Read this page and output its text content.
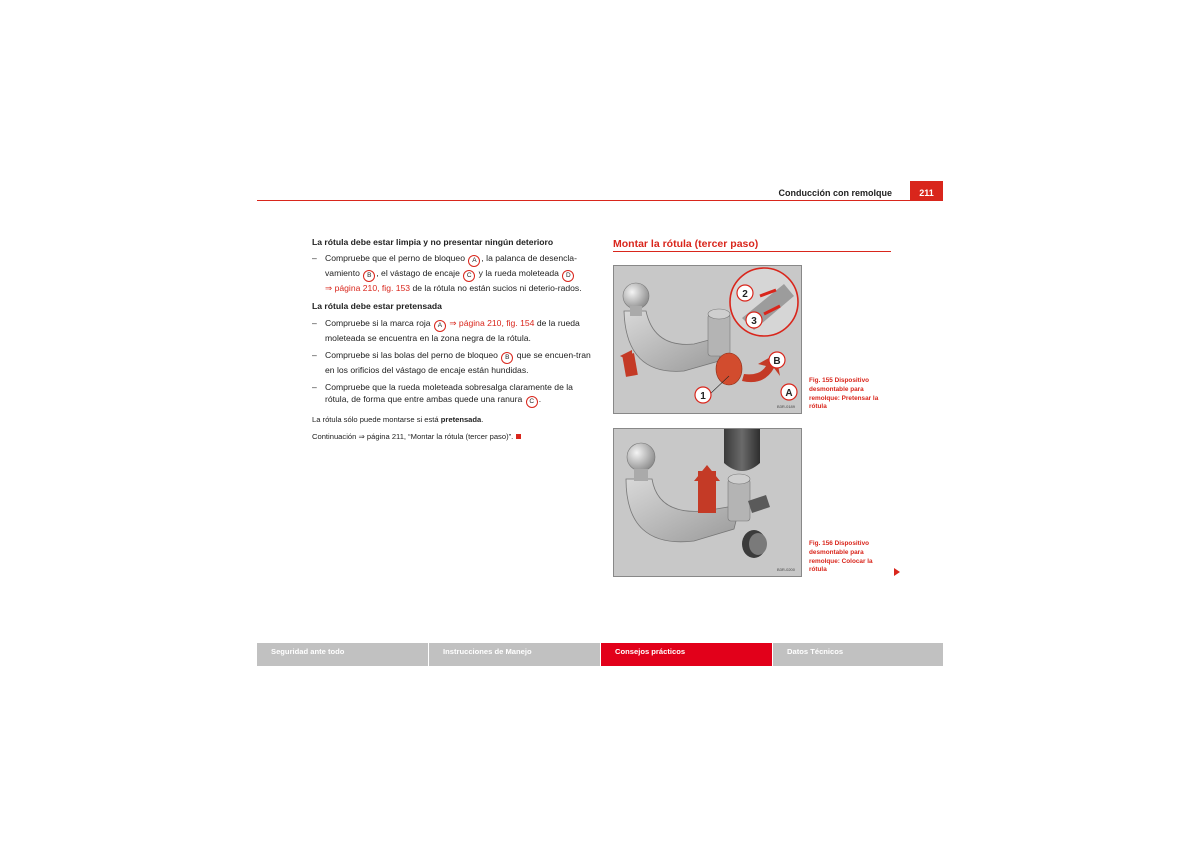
Conducción con remolque	211
La rótula debe estar limpia y no presentar ningún deterioro
– Compruebe que el perno de bloqueo A , la palanca de desencla-vamiento B , el vástago de encaje C y la rueda moleteada D
⇒ página 210, fig. 153 de la rótula no están sucios ni deterio-rados.
La rótula debe estar pretensada
– Compruebe si la marca roja A ⇒ página 210, fig. 154 de la rueda moleteada se encuentra en la zona negra de la rótula.
– Compruebe si las bolas del perno de bloqueo B que se encuen-tran en los orificios del vástago de encaje están hundidas.
– Compruebe que la rueda moleteada sobresalga claramente de la rótula, de forma que entre ambas quede una ranura C .

La rótula sólo puede montarse si está pretensada.

Continuación ⇒ página 211, “Montar la rótula (tercer paso)”.

Montar la rótula (tercer paso)
2
3
B
A
1
B3R-0189
Fig. 155 Dispositivo desmontable para remolque: Pretensar la rótula
B3R-0200
Fig. 156 Dispositivo desmontable para remolque: Colocar la rótula
Seguridad ante todo	Instrucciones de Manejo	Consejos prácticos	Datos Técnicos
